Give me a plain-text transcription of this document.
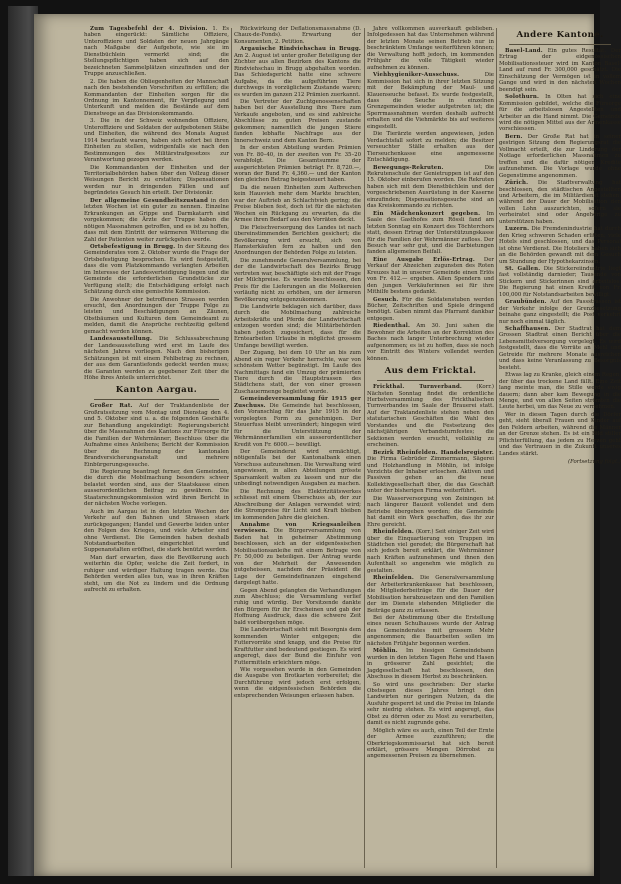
Zum Tagesbefehl der 4. Division. 1. Es haben eingerückt: Sämtliche Offiziere, Unteroffiziere und Soldaten der neuen Jahrgänge nach Maßgabe der Aufgebote, wie sie im Dienstbüchlein vermerkt sind; die Stellungspflichtigen haben sich auf den bezeichneten Sammelplätzen einzufinden und der Truppe anzuschließen.

2. Die haben die Obliegenheiten der Mannschaft nach den bestehenden Vorschriften zu erfüllen; die Kommandanten der Einheiten sorgen für die Ordnung im Kantonnement, für Verpflegung und Unterkunft und melden die Bestände auf dem Dienstwege an das Divisionskommando.

3. Die in der Schweiz wohnenden Offiziere, Unteroffiziere und Soldaten der aufgebotenen Stäbe und Einheiten, die während des Monats August 1914 beurlaubt waren, haben sich sofort bei ihren Einheiten zu stellen, widrigenfalls sie nach den Bestimmungen des Militärstrafgesetzes zur Verantwortung gezogen werden.

Die Kommandanten der Einheiten und der Territorialbehörden haben über den Vollzug dieser Weisungen Bericht zu erstatten; Dispensationen werden nur in dringenden Fällen und auf begründetes Gesuch hin erteilt. Der Divisionär.

Der allgemeine Gesundheitszustand in den letzten Wochen ist ein guter zu nennen. Einzelne Erkrankungen an Grippe und Darmkatarrh sind vorgekommen; die Ärzte der Truppe haben die nötigen Massnahmen getroffen, und es ist zu hoffen, dass mit dem Eintritt der wärmeren Witterung die Zahl der Patienten weiter zurückgehen werde.

Ortsbefestigung in Brugg. In der Sitzung des Gemeinderates vom 2. Oktober wurde die Frage der Ortsbefestigung besprochen. Es wird festgestellt, dass die vom Platzkommando verlangten Arbeiten im Interesse der Landesverteidigung liegen und die Gemeinde die erforderlichen Grundstücke zur Verfügung stellt; die Entschädigung erfolgt nach Schätzung durch eine gemischte Kommission.

Die Anwohner der betroffenen Strassen werden ersucht, den Anordnungen der Truppe Folge zu leisten und Beschädigungen an Zäunen, Obstbäumen und Kulturen dem Gemeindeamt zu melden, damit die Ansprüche rechtzeitig geltend gemacht werden können.

Landesausstellung. Die Schlussabrechnung der Landesausstellung wird erst im Laufe des nächsten Jahres vorliegen. Nach den bisherigen Schätzungen ist mit einem Fehlbetrag zu rechnen, der aus dem Garantiefonds gedeckt werden muss; die Garanten werden zu gegebener Zeit über die Höhe ihres Anteils unterrichtet.

Kanton Aargau.

Großer Rat. Auf der Traktandenliste der Großratssitzung vom Montag und Dienstag den 4. und 5. Oktober sind u. a. die folgenden Geschäfte zur Behandlung angekündigt: Regierungsbericht über die Massnahmen des Kantons zur Fürsorge für die Familien der Wehrmänner; Beschluss über die Aufnahme eines Anleihens; Bericht der Kommission über die Rechnung der kantonalen Brandversicherungsanstalt und mehrere Einbürgerungsgesuche.

Die Regierung beantragt ferner, den Gemeinden, die durch die Mobilmachung besonders schwer belastet worden sind, aus der Staatskasse einen ausserordentlichen Beitrag zu gewähren. Die Staatsrechnungskommission wird ihren Bericht in der nächsten Woche vorlegen.

Auch im Aargau ist in den letzten Wochen der Verkehr auf den Bahnen und Strassen stark zurückgegangen; Handel und Gewerbe leiden unter den Folgen des Krieges, und viele Arbeiter sind ohne Verdienst. Die Gemeinden haben deshalb Notstandsarbeiten eingerichtet und Suppenanstalten eröffnet, die stark benützt werden.

Man darf erwarten, dass die Bevölkerung auch weiterhin die Opfer, welche die Zeit fordert, in ruhiger und würdiger Haltung tragen werde. Die Behörden werden alles tun, was in ihren Kräften steht, um die Not zu lindern und die Ordnung aufrecht zu erhalten.

Rückwirkung der Deflationsmassnahme (D. Chaux-de-Fonds). Erwartung der Konsumenten, 2. Petition.

Argauische Rindviehschau in Brugg. Am 2. August ist unter großer Beteiligung der Züchter aus allen Bezirken des Kantons die Rindviehschau in Brugg abgehalten worden. Das Schiedsgericht hatte eine schwere Aufgabe, da die aufgeführten Tiere durchwegs in vorzüglichem Zustande waren; es wurden im ganzen 212 Prämien zuerkannt.

Die Vertreter der Zuchtgenossenschaften haben bei der Ausstellung ihre Tiere zum Verkaufe angeboten, und es sind zahlreiche Abschlüsse zu guten Preisen zustande gekommen; namentlich die jungen Stiere fanden lebhafte Nachfrage aus der Innerschweiz und dem Kanton Bern.

In der ersten Abteilung wurden Prämien von Fr. 80–40, in der zweiten von Fr. 35–20 verabfolgt. Die Gesamtsumme der ausgerichteten Prämien beträgt Fr. 8,720.—, woran der Bund Fr. 4,360.— und der Kanton den gleichen Betrag beigesteuert haben.

Da die neuen Einheiten zum Aufbrechen kein Hausvieh mehr dem Markte brachten, war der Auftrieb an Schlachtvieh gering; die Preise blieben fest, doch ist für die nächsten Wochen ein Rückgang zu erwarten, da die Armee ihren Bedarf aus den Vorräten deckt.

Die Fleischversorgung des Landes ist nach übereinstimmenden Berichten gesichert; die Bevölkerung wird ersucht, sich von Hamsterkäufen fern zu halten und den Anordnungen der Behörden Folge zu leisten.

Die zunehmende Generalversammlung, bei der die Landwirtschaft des Bezirks Brugg vertreten war, beschäftigte sich mit der Frage der Milchpreise. Es wurde beschlossen, den Preis für die Lieferungen an die Molkereien vorläufig nicht zu erhöhen, um der ärmeren Bevölkerung entgegenzukommen.

Die Landwirte beklagen sich darüber, dass durch die Mobilmachung zahlreiche Arbeitskräfte und Pferde der Landwirtschaft entzogen worden sind; die Militärbehörden haben jedoch zugesichert, dass für die Erntearbeiten Urlaube in möglichst grossem Umfange bewilligt werden.

Der Zugang, bei dem 10 Uhr an bis zum Abend ein reger Verkehr herrschte, war von schönstem Wetter begünstigt. Im Laufe des Nachmittags fand ein Umzug der prämierten Tiere durch die Hauptstrassen des Städtchens statt, der von einer grossen Zuschauermenge begleitet wurde.

Gemeindeversammlung für 1915 ger Zuschuss. Die Gemeinde hat beschlossen, den Voranschlag für das Jahr 1915 in der vorgelegten Form zu genehmigen. Der Steuerfuss bleibt unverändert; hingegen wird für die Unterstützung der Wehrmännerfamilien ein ausserordentlicher Kredit von Fr. 6000.— bewilligt.

Der Gemeinderat wird ermächtigt, nötigenfalls bei der Kantonalbank einen Vorschuss aufzunehmen. Die Verwaltung wird angewiesen, in allen Abteilungen grösste Sparsamkeit walten zu lassen und nur die unbedingt notwendigen Ausgaben zu machen.

Die Rechnung des Elektrizitätswerkes schliesst mit einem Überschuss ab, der zur Abschreibung der Anlagen verwendet wird; die Strompreise für Licht und Kraft bleiben im kommenden Jahre die gleichen.

Annahme von Kriegsanleihen verwiesen. Die Bürgerversammlung von Baden hat in geheimer Abstimmung beschlossen, sich an der eidgenössischen Mobilisationsanleihe mit einem Betrage von Fr. 50,000 zu beteiligen. Der Antrag wurde von der Mehrheit der Anwesenden gutgeheissen, nachdem der Präsident die Lage der Gemeindefinanzen eingehend dargelegt hatte.

Gegen Abend gelangten die Verhandlungen zum Abschluss; die Versammlung verlief ruhig und würdig. Der Vorsitzende dankte den Bürgern für ihr Erscheinen und gab der Hoffnung Ausdruck, dass die schwere Zeit bald vorübergehen möge.

Die Landwirtschaft sieht mit Besorgnis dem kommenden Winter entgegen; die Futtervorräte sind knapp, und die Preise für Kraftfutter sind bedeutend gestiegen. Es wird angeregt, dass der Bund die Einfuhr von Futtermitteln erleichtern möge.

Wie vorgesehen wurde in den Gemeinden die Ausgabe von Brotkarten vorbereitet; die Durchführung wird jedoch erst erfolgen, wenn die eidgenössischen Behörden die entsprechenden Weisungen erlassen haben.

Jahre vollkommen ausverkauft geblieben. Infolgedessen hat das Unternehmen während der letzten Monate seinen Betrieb nur in beschränktem Umfange weiterführen können; die Verwaltung hofft jedoch, im kommenden Frühjahr die volle Tätigkeit wieder aufnehmen zu können.

Viehhygieniker-Ausschuss.	Die Kommission hat sich in ihrer letzten Sitzung mit der Bekämpfung der Maul- und Klauenseuche befasst. Es wurde festgestellt, dass die Seuche in einzelnen Grenzgemeinden wieder aufgetreten ist; die Sperrmassnahmen werden deshalb aufrecht erhalten und die Viehmärkte bis auf weiteres eingestellt.

Die Tierärzte werden angewiesen, jeden Verdachtsfall sofort zu melden; die Besitzer verseuchter Ställe erhalten aus der Tierseuchenkasse eine angemessene Entschädigung.

Bewegungs-Rekruten.	Die Rekrutenschule der Genietruppen ist auf den 15. Oktober einberufen worden. Die Rekruten haben sich mit dem Dienstbüchlein und der vorgeschriebenen Ausrüstung in der Kaserne einzufinden; Dispensationsgesuche sind an das Kreiskommando zu richten.

Ein Mädchenkonzert gegeben. Im Saale des Gasthofes zum Rössli fand am letzten Sonntag ein Konzert des Töchterchors statt, dessen Ertrag der Unterstützungskasse für die Familien der Wehrmänner zufloss. Der Besuch war sehr gut, und die Darbietungen fanden allgemeinen Beifall.

Eine Ausgabe Erlös-Ertrag. Der Verkauf der Abzeichen zugunsten des Roten Kreuzes hat in unserer Gemeinde einen Erlös von Fr. 412.— ergeben. Allen Spendern und den jungen Verkäuferinnen sei für ihre Mithilfe bestens gedankt.

Gesuch. Für die Soldatenstuben werden Bücher, Zeitschriften und Spiele dringend benötigt. Gaben nimmt das Pfarramt dankbar entgegen.

Riedenthal. Am 30. Juni sahen die Bewohner die Arbeiten an der Korrektion des Baches nach langer Unterbrechung wieder aufgenommen; es ist zu hoffen, dass sie noch vor Eintritt des Winters vollendet werden können.

Aus dem Fricktal.

Frickthal. Turnverband.	(Korr.) Nächsten Sonntag findet die ordentliche Herbstversammlung des Frickthalischen Turnverbandes im Saale der Brauerei statt. Auf der Traktandenliste stehen neben den statutarischen Geschäften die Wahl des Vorstandes und die Festsetzung des nächstjährigen Verbandsturnfestes; die Sektionen werden ersucht, vollzählig zu erscheinen.

Bezirk Rheinfelden. Handelsregister. Die Firma Gebrüder Zimmermann, Sägerei und Holzhandlung in Möhlin, ist infolge Verzichts der Inhaber erloschen. Aktiven und Passiven gehen an die neue Kollektivgesellschaft über, die das Geschäft unter der bisherigen Firma weiterführt.

Die Wasserversorgung von Zeiningen ist nach längerer Bauzeit vollendet und dem Betriebe übergeben worden; die Gemeinde hat damit ein Werk geschaffen, das ihr zur Ehre gereicht.

Rheinfelden. (Korr.) Seit einiger Zeit wird über die Einquartierung von Truppen im Städtchen viel geredet; die Bürgerschaft hat sich jedoch bereit erklärt, die Wehrmänner nach Kräften aufzunehmen und ihnen den Aufenthalt so angenehm wie möglich zu gestalten.

Rheinfelden. Die Generalversammlung der Arbeiterkrankenkasse hat beschlossen, die Mitgliederbeiträge für die Dauer der Mobilisation herabzusetzen und den Familien der im Dienste stehenden Mitglieder die Beiträge ganz zu erlassen.

Bei der Abstimmung über die Erstellung eines neuen Schulhauses wurde der Antrag des Gemeinderates mit grossem Mehr angenommen; die Bauarbeiten sollen im nächsten Frühjahr begonnen werden.

Möhlin. Im hiesigen Gemeindebann wurden in den letzten Tagen Rehe und Hasen in grösserer Zahl gesichtet; die Jagdgesellschaft hat beschlossen, den Abschuss in diesem Herbst zu beschränken.

So wird uns geschrieben: Der starke Obstsegen dieses Jahres bringt den Landwirten nur geringen Nutzen, da die Ausfuhr gesperrt ist und die Preise im Inlande sehr niedrig stehen. Es wird angeregt, das Obst zu dörren oder zu Most zu verarbeiten, damit es nicht zugrunde gehe.

Möglich wäre es auch, einen Teil der Ernte der Armee zuzuführen; die Oberkriegskommissariat hat sich bereit erklärt, grössere Mengen Dörrobst zu angemessenen Preisen zu übernehmen.

Andere Kantone.

Basel-Land. Ein gutes Resultat. Der Ertrag der eidgenössischen Mobilisationssteuer wird im Kanton Basel-Land auf rund Fr. 300,000 geschätzt. Die Einschätzung der Vermögen ist in vollem Gange und wird in den nächsten Wochen beendigt sein.

Solothurn. In Olten hat sich eine Kommission gebildet, welche die Fürsorge für die arbeitslosen Angestellten und Arbeiter an die Hand nimmt. Die Gemeinde wird die nötigen Mittel aus der Armenkasse vorschiessen.

Bern. Der Große Rat hat in seiner gestrigen Sitzung dem Regierungsrat die Vollmacht erteilt, die zur Linderung der Notlage erforderlichen Massnahmen zu treffen und die dafür nötigen Kredite aufzunehmen. Die Vorlage wurde ohne Gegenstimme angenommen.

Zürich. Die Stadtverwaltung hat beschlossen, den städtischen Angestellten und Arbeitern, die im Militärdienst stehen, während der Dauer der Mobilisation den vollen Lohn auszurichten, sofern sie verheiratet sind oder Angehörige zu unterstützen haben.

Luzern. Die Fremdenindustrie hat durch den Krieg schweren Schaden erlitten; viele Hotels sind geschlossen, und das Personal ist ohne Verdienst. Die Hoteliers haben sich an die Behörden gewandt mit dem Gesuch um Stundung der Hypothekarzinsen.

St. Gallen. Die Stickereiindustrie liegt fast vollständig darnieder; Tausende von Stickern und Stickerinnen sind arbeitslos. Die Regierung hat einen Kredit von Fr. 100,000 für Notstandsarbeiten bewilligt.

Graubünden. Auf den Passstrassen ist der Verkehr infolge der Grenzbesetzung beinahe ganz eingestellt; die Post verkehrt nur noch einmal täglich.

Schaffhausen. Der Stadtrat hat dem Grossen Stadtrat einen Bericht über die Lebensmittelversorgung vorgelegt. Es wird festgestellt, dass die Vorräte an Mehl und Getreide für mehrere Monate ausreichen und dass keine Veranlassung zu Besorgnis besteht.

Etwas lag zu Kranke, gleich einem Regen, der über das trockene Land fällt. Eine Zeit lang meinte man, die Stille werde ewig dauern; dann aber kam Bewegung in die Menge, und von allen Seiten strömten die Leute herbei, um das Neue zu vernehmen.

Wer in diesen Tagen durch die Dörfer geht, sieht überall Frauen und Kinder auf den Feldern arbeiten, während die Männer an der Grenze stehen. Es ist ein Bild stiller Pflichterfüllung, das jedem zu Herzen geht und das Vertrauen in die Zukunft unseres Landes stärkt.

(Fortsetzung folgt.)
